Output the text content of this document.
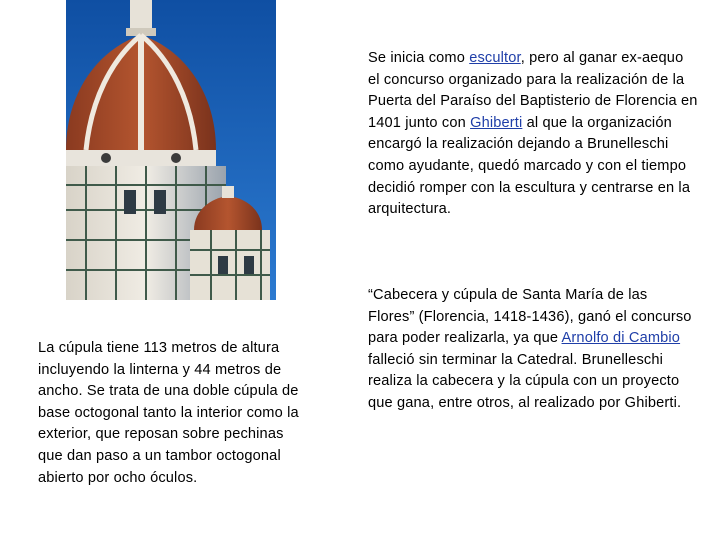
Se inicia como escultor, pero al ganar ex-aequo el concurso organizado para la realización de la Puerta del Paraíso del Baptisterio de Florencia en 1401 junto con Ghiberti al que la organización encargó la realización dejando a Brunelleschi como ayudante, quedó marcado y con el tiempo decidió romper con la escultura y centrarse en la arquitectura.
“Cabecera y cúpula de Santa María de las Flores” (Florencia, 1418-1436), ganó el concurso para poder realizarla, ya que Arnolfo di Cambio falleció sin terminar la Catedral. Brunelleschi realiza la cabecera y la cúpula con un proyecto que gana, entre otros, al realizado por Ghiberti.
La cúpula tiene 113 metros de altura incluyendo la linterna y 44 metros de ancho. Se trata de una doble cúpula de base octogonal tanto la interior como la exterior, que reposan sobre pechinas que dan paso a un tambor octogonal abierto por ocho óculos.
